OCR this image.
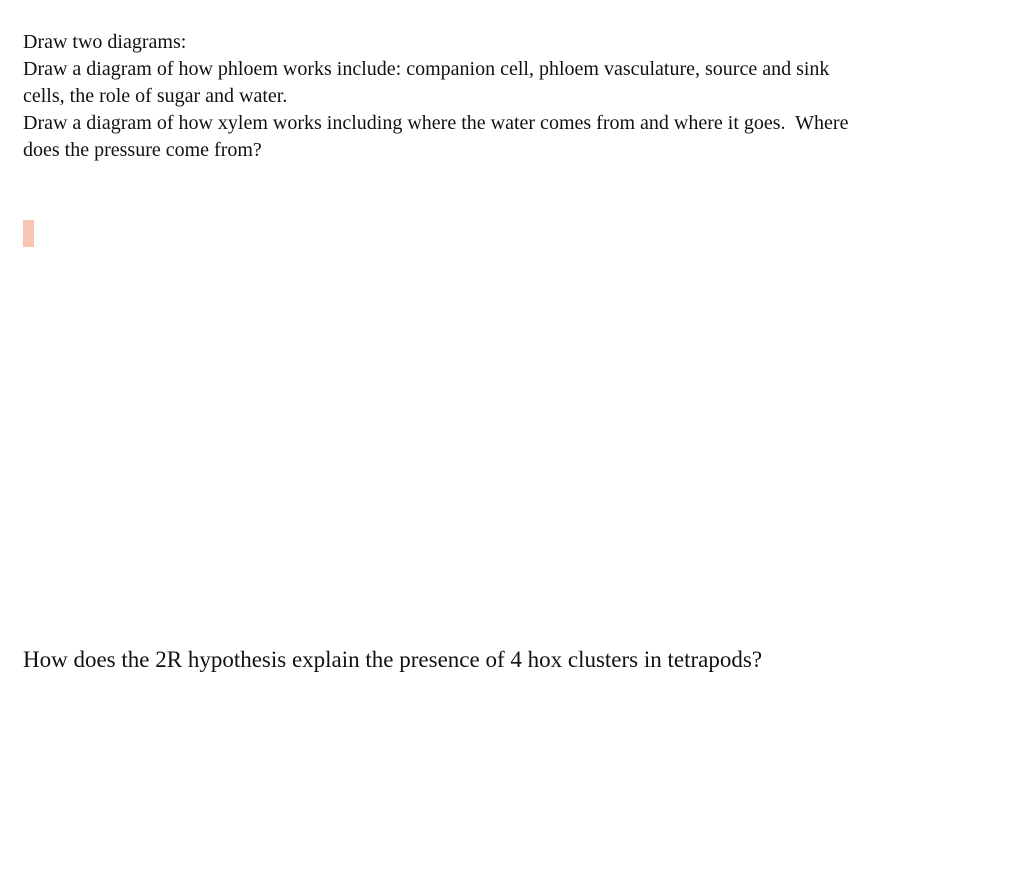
Draw two diagrams:

Draw a diagram of how phloem works include: companion cell, phloem vasculature, source and sink

cells, the role of sugar and water.

Draw a diagram of how xylem works including where the water comes from and where it goes.  Where

does the pressure come from?

How does the 2R hypothesis explain the presence of 4 hox clusters in tetrapods?
